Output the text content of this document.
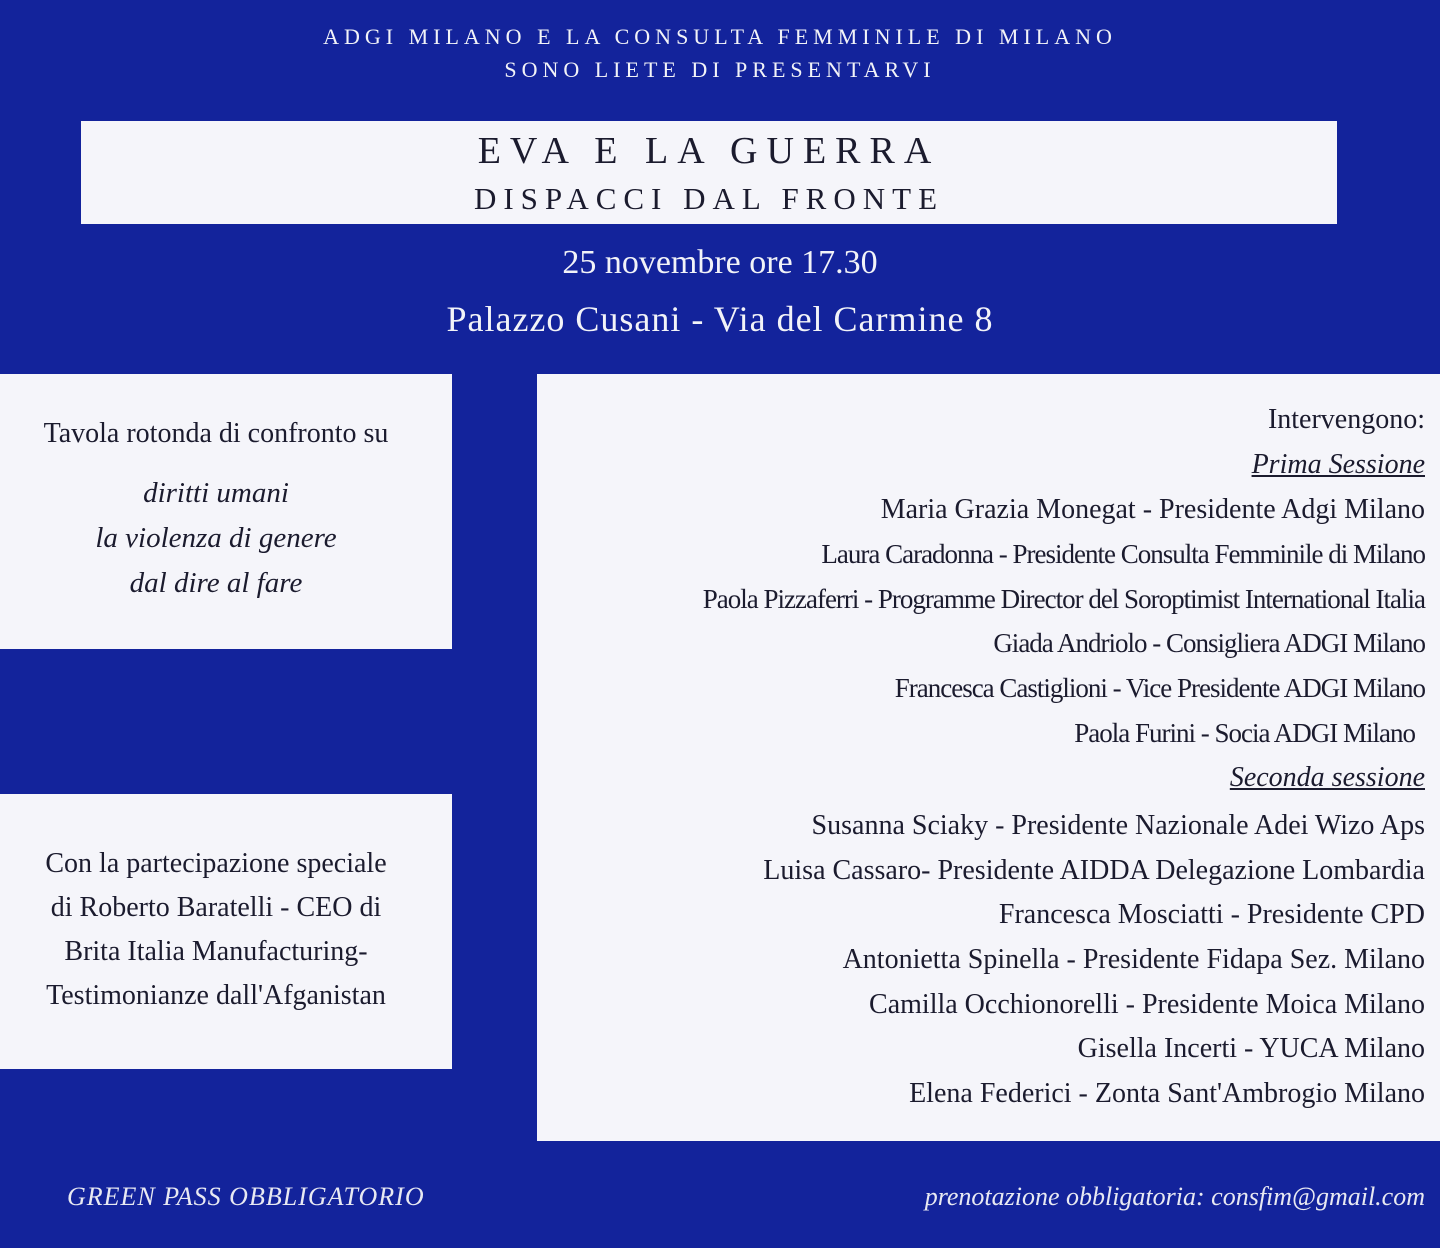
ADGI MILANO E LA CONSULTA FEMMINILE DI MILANO
SONO LIETE DI PRESENTARVI
EVA E LA GUERRA
DISPACCI DAL FRONTE
25 novembre ore 17.30
Palazzo Cusani - Via del Carmine 8
Tavola rotonda di confronto su
diritti umani
la violenza di genere
dal dire al fare
Con la partecipazione speciale
di Roberto Baratelli - CEO di
Brita Italia Manufacturing-
Testimonianze dall'Afganistan
Intervengono:
Prima Sessione
Maria Grazia Monegat - Presidente Adgi Milano
Laura Caradonna - Presidente Consulta Femminile di Milano
Paola Pizzaferri - Programme Director del Soroptimist International Italia
Giada Andriolo - Consigliera ADGI Milano
Francesca Castiglioni - Vice Presidente ADGI Milano
Paola Furini - Socia ADGI Milano
Seconda sessione
Susanna Sciaky - Presidente Nazionale Adei Wizo Aps
Luisa Cassaro- Presidente AIDDA Delegazione Lombardia
Francesca Mosciatti - Presidente CPD
Antonietta Spinella - Presidente Fidapa Sez. Milano
Camilla Occhionorelli - Presidente Moica Milano
Gisella Incerti - YUCA Milano
Elena Federici - Zonta Sant'Ambrogio Milano
GREEN PASS OBBLIGATORIO	prenotazione obbligatoria: consfim@gmail.com
